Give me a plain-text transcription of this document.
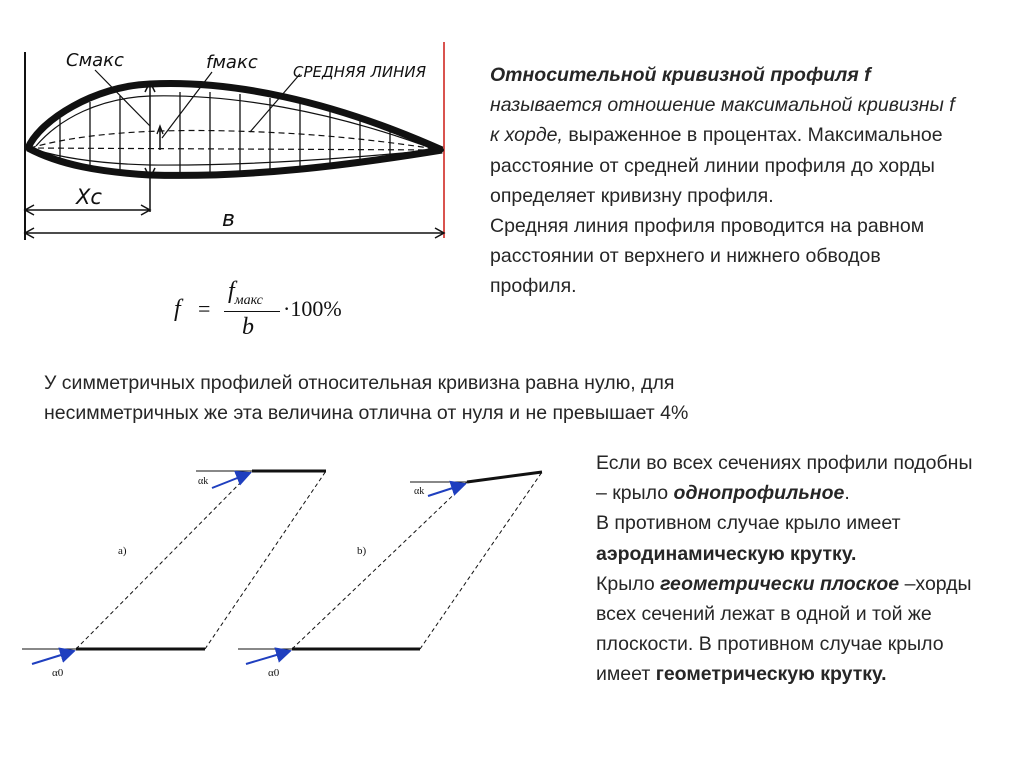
Смакс	fмакс СРЕДНЯЯ ЛИНИЯ
Xc
в
f =
$f_{макс}$
b
·100%

Относительной кривизной профиля f называется отношение максимальной кривизны f к хорде, выраженное в процентах. Максимальное расстояние от средней линии профиля до хорды определяет кривизну профиля.

Средняя линия профиля проводится на равном расстоянии от верхнего и нижнего обводов профиля.

У симметричных профилей относительная кривизна равна нулю, для несимметричных же эта величина отлична от нуля и не превышает 4%
a)
αk
α0
b)
αk
α0

Если во всех сечениях профили подобны – крыло однопрофильное.

В противном случае крыло имеет аэродинамическую крутку.

Крыло геометрически плоское –хорды всех сечений лежат в одной и той же плоскости. В противном случае крыло имеет геометрическую крутку.
